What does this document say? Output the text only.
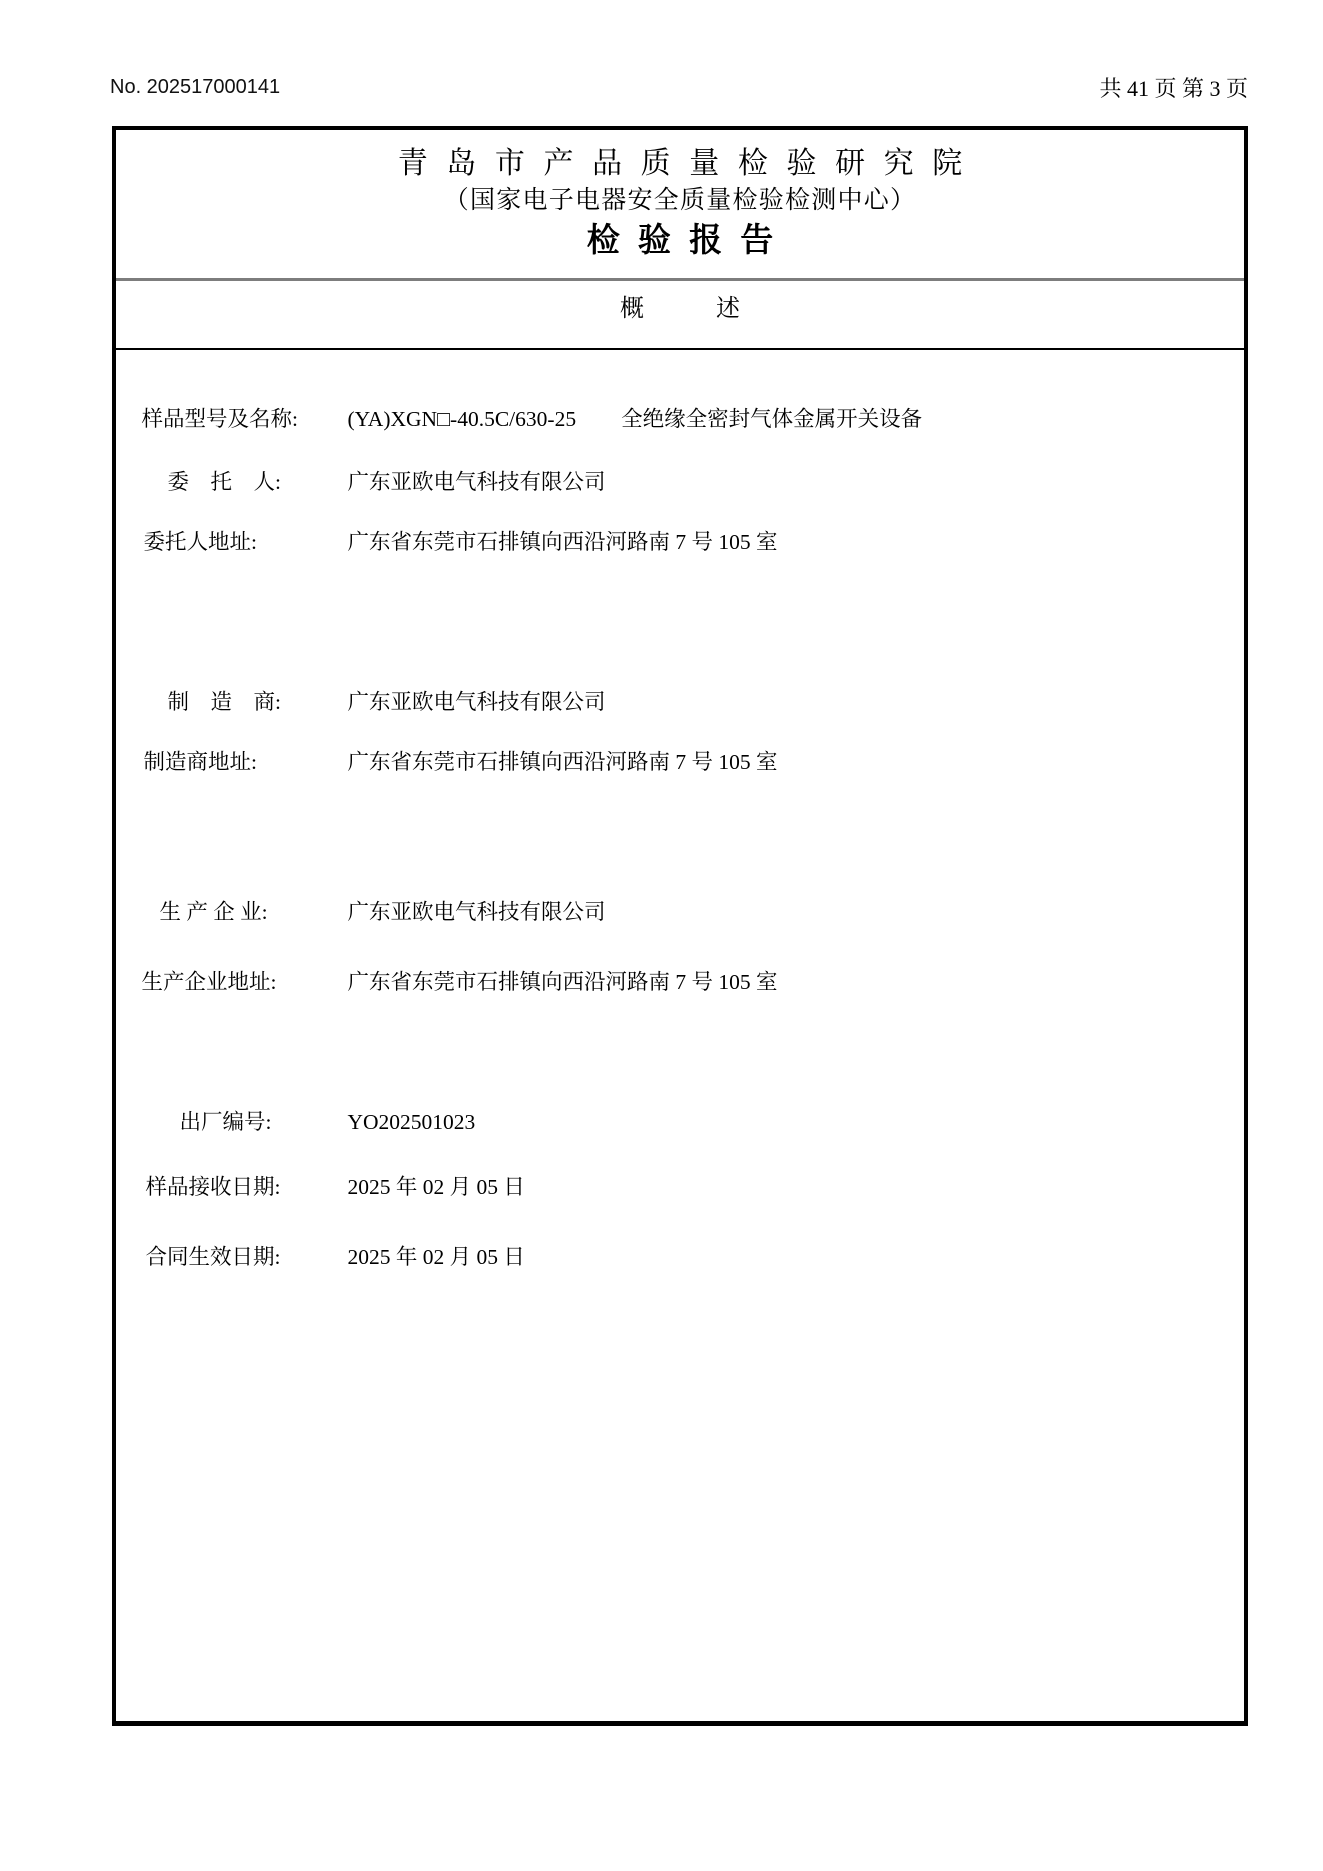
No. 202517000141	共 41 页 第 3 页
青岛市产品质量检验研究院
（国家电子电器安全质量检验检测中心）
检 验 报 告
概　　　述

样品型号及名称: (YA)XGN□-40.5C/630-25 全绝缘全密封气体金属开关设备

委　托　人:	广东亚欧电气科技有限公司

委托人地址:	广东省东莞市石排镇向西沿河路南 7 号 105 室

制　造　商:	广东亚欧电气科技有限公司

制造商地址:	广东省东莞市石排镇向西沿河路南 7 号 105 室

生 产 企 业:	广东亚欧电气科技有限公司

生产企业地址:	广东省东莞市石排镇向西沿河路南 7 号 105 室

出厂编号:	YO202501023

样品接收日期:	2025 年 02 月 05 日

合同生效日期:	2025 年 02 月 05 日
